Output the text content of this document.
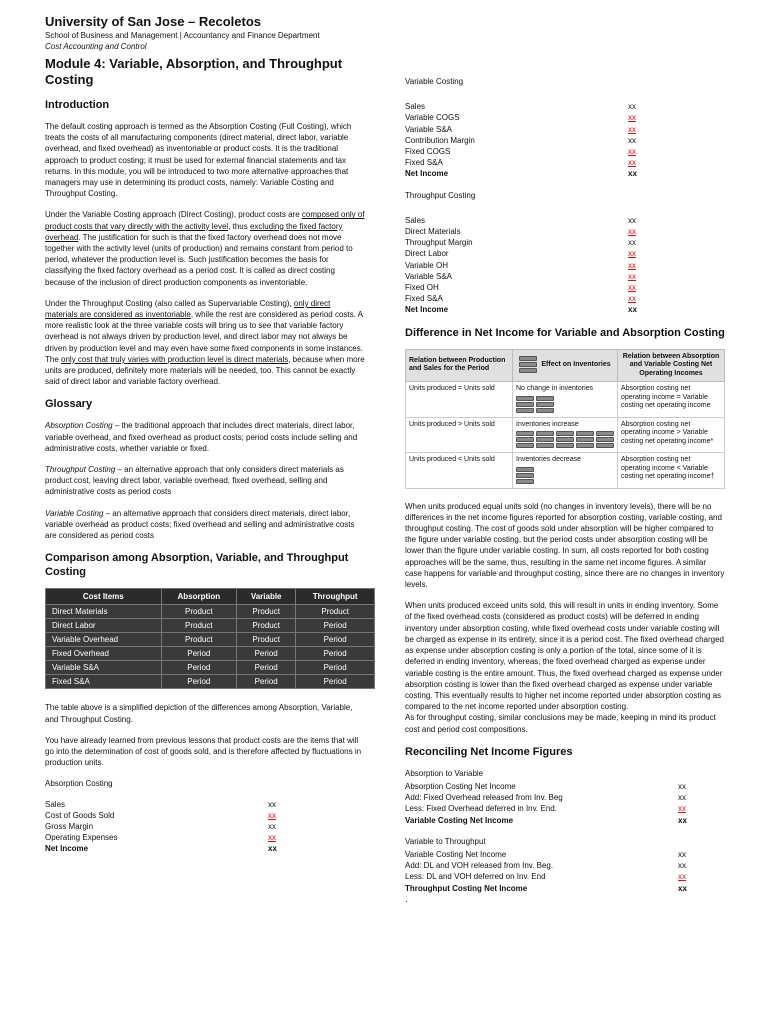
University of San Jose – Recoletos
School of Business and Management | Accountancy and Finance Department
Cost Accounting and Control
Module 4: Variable, Absorption, and Throughput Costing
Introduction

The default costing approach is termed as the Absorption Costing (Full Costing), which treats the costs of all manufacturing components (direct material, direct labor, variable overhead, and fixed overhead) as inventoriable or product costs. It is the traditional approach to product costing; it must be used for external financial statements and tax returns. In this module, you will be introduced to two more alternative approaches that managers may use in determining its product costs, namely: Variable Costing and Throughput Costing.

Under the Variable Costing approach (Direct Costing), product costs are composed only of product costs that vary directly with the activity level, thus excluding the fixed factory overhead. The justification for such is that the fixed factory overhead does not move together with the activity level (units of production) and remains constant from period to period, whatever the production level is. Such justification becomes the basis for classifying the fixed factory overhead as a period cost. It is called as direct costing because of the inclusion of direct production components as inventoriable.

Under the Throughput Costing (also called as Supervariable Costing), only direct materials are considered as inventoriable, while the rest are considered as period costs. A more realistic look at the three variable costs will bring us to see that variable factory overhead is not always driven by production level, and direct labor may not always be driven by production level and may even have some fixed components in some instances. The only cost that truly varies with production level is direct materials, because when more units are produced, definitely more materials will be needed, too. This cannot be exactly said of direct labor and variable factory overhead.

Glossary

Absorption Costing – the traditional approach that includes direct materials, direct labor, variable overhead, and fixed overhead as product costs; period costs include selling and administrative costs, whether variable or fixed.

Throughput Costing – an alternative approach that only considers direct materials as product cost, leaving direct labor, variable overhead, fixed overhead, selling and administrative costs as period costs

Variable Costing – an alternative approach that considers direct materials, direct labor, variable overhead as product costs; fixed overhead and selling and administrative costs are considered as period costs

Comparison among Absorption, Variable, and Throughput Costing
Cost Items	Absorption	Variable	Throughput
Direct Materials	Product	Product	Product
Direct Labor	Product	Product	Period
Variable Overhead	Product	Product	Period
Fixed Overhead	Period	Period	Period
Variable S&A	Period	Period	Period
Fixed S&A	Period	Period	Period

The table above is a simplified depiction of the differences among Absorption, Variable, and Throughput Costing.

You have already learned from previous lessons that product costs are the items that will go into the determination of cost of goods sold, and is therefore affected by fluctuations in production units.

Absorption Costing
Sales	xx
Cost of Goods Sold	xx
Gross Margin	xx
Operating Expenses	xx
Net Income	xx
Variable Costing
Sales	xx
Variable COGS	xx
Variable S&A	xx
Contribution Margin	xx
Fixed COGS	xx
Fixed S&A	xx
Net Income	xx
Throughput Costing
Sales	xx
Direct Materials	xx
Throughput Margin	xx
Direct Labor	xx
Variable OH	xx
Variable S&A	xx
Fixed OH	xx
Fixed S&A	xx
Net Income	xx
Difference in Net Income for Variable and Absorption Costing
Relation between Production and Sales for the Period	Effect on Inventories	Relation between Absorption and Variable Costing Net Operating Incomes

Units produced = Units sold	No change in inventories	Absorption costing net operating income = Variable costing net operating income

Units produced > Units sold	Inventories increase	Absorption costing net operating income > Variable costing net operating income*

Units produced < Units sold	Inventories decrease	Absorption costing net operating income < Variable costing net operating income†

When units produced equal units sold (no changes in inventory levels), there will be no differences in the net income figures reported for absorption costing, variable costing, and throughput costing. The cost of goods sold under absorption will be higher compared to the figure under variable costing, but the period costs under absorption costing will be lower than the figure under variable costing. In sum, all costs reported for both costing approaches will be the same, thus, resulting in the same net income figures. A similar case happens for variable and throughput costing, since there are no changes in inventory levels.

When units produced exceed units sold, this will result in units in ending inventory. Some of the fixed overhead costs (considered as product costs) will be deferred in ending inventory under absorption costing, while fixed overhead costs under variable costing will be charged as expense in its entirety, since it is a period cost. The fixed overhead charged as expense under absorption costing is only a portion of the total, since some of it is deferred in ending inventory, whereas, the fixed overhead charged as expense under variable costing is the entire amount. Thus, the fixed overhead charged as expense under absorption costing is lower than the fixed overhead charged as expense under variable costing. This eventually results to higher net income reported under absorption costing as compared to the net income reported under absorption costing.

As for throughput costing, similar conclusions may be made, keeping in mind its product cost and period cost compositions.

Reconciling Net Income Figures
Absorption to Variable
Absorption Costing Net Income	xx
Add: Fixed Overhead released from Inv. Beg	xx
Less: Fixed Overhead deferred in Inv. End.	xx
Variable Costing Net Income	xx
Variable to Throughput
Variable Costing Net Income	xx
Add: DL and VOH released from Inv. Beg.	xx
Less: DL and VOH deferred on Inv. End	xx
Throughput Costing Net Income	xx
.
